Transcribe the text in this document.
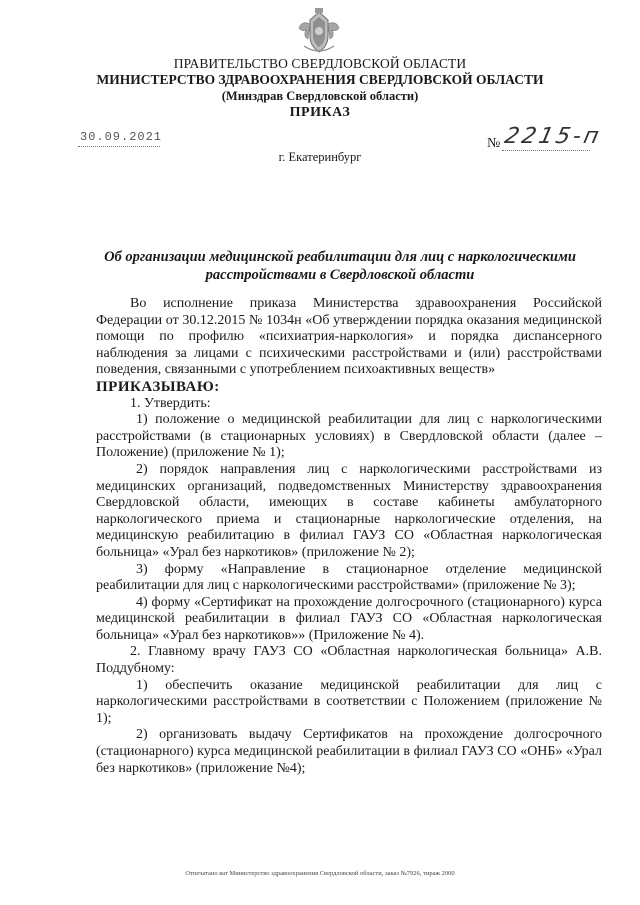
ПРАВИТЕЛЬСТВО СВЕРДЛОВСКОЙ ОБЛАСТИ
МИНИСТЕРСТВО ЗДРАВООХРАНЕНИЯ СВЕРДЛОВСКОЙ ОБЛАСТИ
(Минздрав Свердловской области)
ПРИКАЗ
30.09.2021	№ 2215-п
г. Екатеринбург
Об организации медицинской реабилитации для лиц с наркологическими расстройствами в Свердловской области

Во исполнение приказа Министерства здравоохранения Российской Федерации от 30.12.2015 № 1034н «Об утверждении порядка оказания медицинской помощи по профилю «психиатрия-наркология» и порядка диспансерного наблюдения за лицами с психическими расстройствами и (или) расстройствами поведения, связанными с употреблением психоактивных веществ»

ПРИКАЗЫВАЮ:

1. Утвердить:

1) положение о медицинской реабилитации для лиц с наркологическими расстройствами (в стационарных условиях) в Свердловской области (далее – Положение) (приложение № 1);

2) порядок направления лиц с наркологическими расстройствами из медицинских организаций, подведомственных Министерству здравоохранения Свердловской области, имеющих в составе кабинеты амбулаторного наркологического приема и стационарные наркологические отделения, на медицинскую реабилитацию в филиал ГАУЗ СО «Областная наркологическая больница» «Урал без наркотиков» (приложение № 2);

3) форму «Направление в стационарное отделение медицинской реабилитации для лиц с наркологическими расстройствами» (приложение № 3);

4) форму «Сертификат на прохождение долгосрочного (стационарного) курса медицинской реабилитации в филиал ГАУЗ СО «Областная наркологическая больница» «Урал без наркотиков»» (Приложение № 4).

2. Главному врачу ГАУЗ СО «Областная наркологическая больница» А.В. Поддубному:

1) обеспечить оказание медицинской реабилитации для лиц с наркологическими расстройствами в соответствии с Положением (приложение № 1);

2) организовать выдачу Сертификатов на прохождение долгосрочного (стационарного) курса медицинской реабилитации в филиал ГАУЗ СО «ОНБ» «Урал без наркотиков» (приложение №4);

Отпечатано ват Министерство здравоохранения Свердловской области, заказ №7926, тираж 2000
